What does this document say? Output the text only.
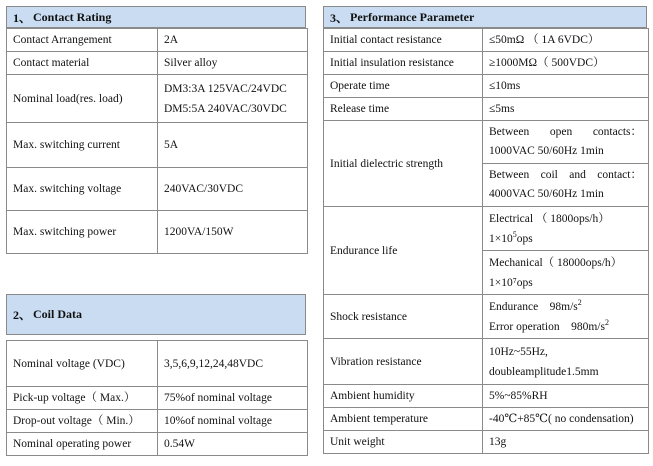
1、 Contact Rating
Contact Arrangement	2A
Contact material	Silver alloy
Nominal load(res. load)	DM3:3A 125VAC/24VDC
DM5:5A 240VAC/30VDC

Max. switching current	5A
Max. switching voltage	240VAC/30VDC
Max. switching power	1200VA/150W
2、 Coil Data
Nominal voltage (VDC)	3,5,6,9,12,24,48VDC
Pick-up voltage（ Max.）	75%of nominal voltage
Drop-out voltage（ Min.）	10%of nominal voltage
Nominal operating power	0.54W
3、 Performance Parameter
Initial contact resistance	≤50mΩ （ 1A 6VDC）
Initial insulation resistance	≥1000MΩ（ 500VDC）
Operate time	≤10ms
Release time	≤5ms
Initial dielectric strength	Between open contacts：
1000VAC 50/60Hz 1min

	Between coil and contact：
4000VAC 50/60Hz 1min

Endurance life	Electrical （ 1800ops/h）
$1\times 10^5ops$

	Mechanical（ 18000ops/h）
1×10⁷ops

Shock resistance	Endurance    $98m/s^2$
Error operation    $980m/s^2$

Vibration resistance	10Hz~55Hz,
doubleamplitude1.5mm

Ambient humidity	5%~85%RH
Ambient temperature	-40℃+85℃( no condensation)
Unit weight	13g
